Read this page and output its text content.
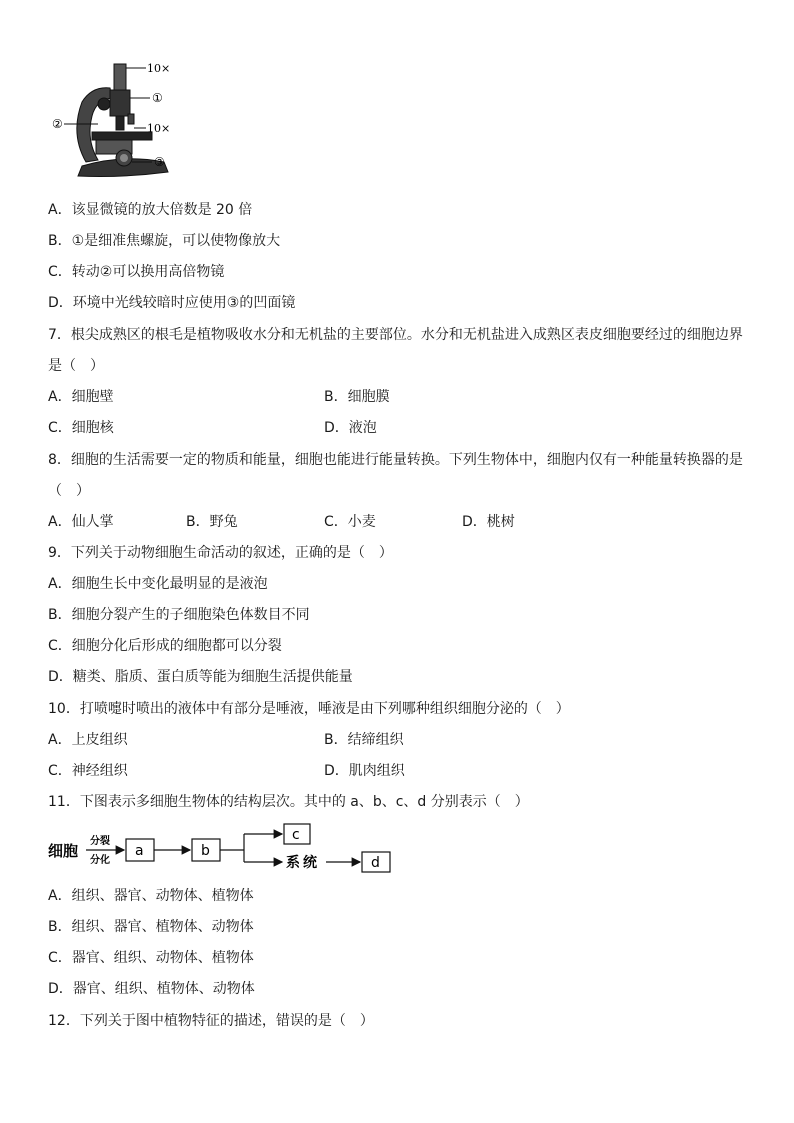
10×
①
10×
②
③
A．该显微镜的放大倍数是 20 倍
B．①是细准焦螺旋，可以使物像放大
C．转动②可以换用高倍物镜
D．环境中光线较暗时应使用③的凹面镜
7．根尖成熟区的根毛是植物吸收水分和无机盐的主要部位。水分和无机盐进入成熟区表皮细胞要经过的细胞边界
是（　）
A．细胞壁	B．细胞膜
C．细胞核	D．液泡
8．细胞的生活需要一定的物质和能量，细胞也能进行能量转换。下列生物体中，细胞内仅有一种能量转换器的是
（　）
A．仙人掌	B．野兔	C．小麦	D．桃树
9．下列关于动物细胞生命活动的叙述，正确的是（　）
A．细胞生长中变化最明显的是液泡
B．细胞分裂产生的子细胞染色体数目不同
C．细胞分化后形成的细胞都可以分裂
D．糖类、脂质、蛋白质等能为细胞生活提供能量
10．打喷嚏时喷出的液体中有部分是唾液，唾液是由下列哪种组织细胞分泌的（　）
A．上皮组织	B．结缔组织
C．神经组织	D．肌肉组织
11．下图表示多细胞生物体的结构层次。其中的 a、b、c、d 分别表示（　）
细胞
分裂
分化
a	b
c
系统	d
A．组织、器官、动物体、植物体
B．组织、器官、植物体、动物体
C．器官、组织、动物体、植物体
D．器官、组织、植物体、动物体
12．下列关于图中植物特征的描述，错误的是（　）
